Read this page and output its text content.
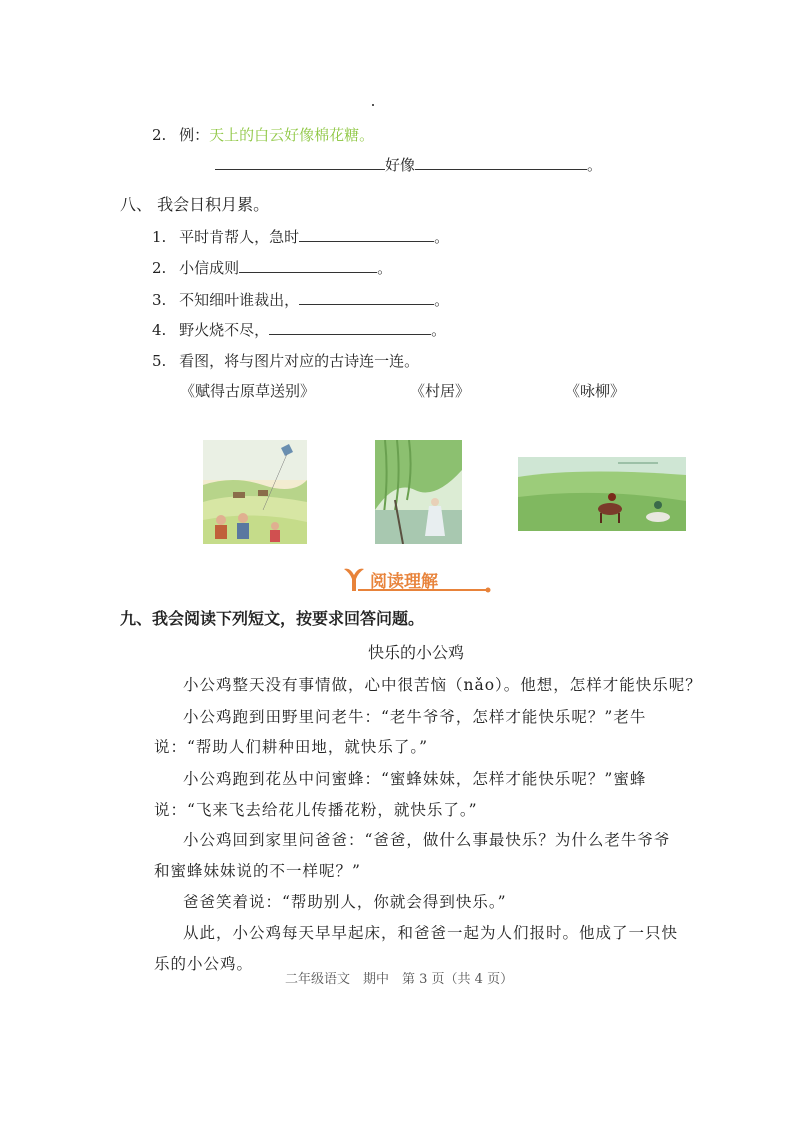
2. 例：天上的白云好像棉花糖。
好像	。
八、 我会日积月累。
1. 平时肯帮人，急时	。
2. 小信成则	。
3. 不知细叶谁裁出，	。
4. 野火烧不尽，	。
5. 看图，将与图片对应的古诗连一连。
《赋得古原草送别》	《村居》	《咏柳》
阅读理解
九、我会阅读下列短文，按要求回答问题。
快乐的小公鸡
小公鸡整天没有事情做，心中很苦恼（nǎo）。他想，怎样才能快乐呢？
小公鸡跑到田野里问老牛：“老牛爷爷，怎样才能快乐呢？”老牛
说：“帮助人们耕种田地，就快乐了。”
小公鸡跑到花丛中问蜜蜂：“蜜蜂妹妹，怎样才能快乐呢？”蜜蜂
说：“飞来飞去给花儿传播花粉，就快乐了。”
小公鸡回到家里问爸爸：“爸爸，做什么事最快乐？为什么老牛爷爷
和蜜蜂妹妹说的不一样呢？”
爸爸笑着说：“帮助别人，你就会得到快乐。”
从此，小公鸡每天早早起床，和爸爸一起为人们报时。他成了一只快
乐的小公鸡。
二年级语文　期中　第 3 页（共 4 页）
